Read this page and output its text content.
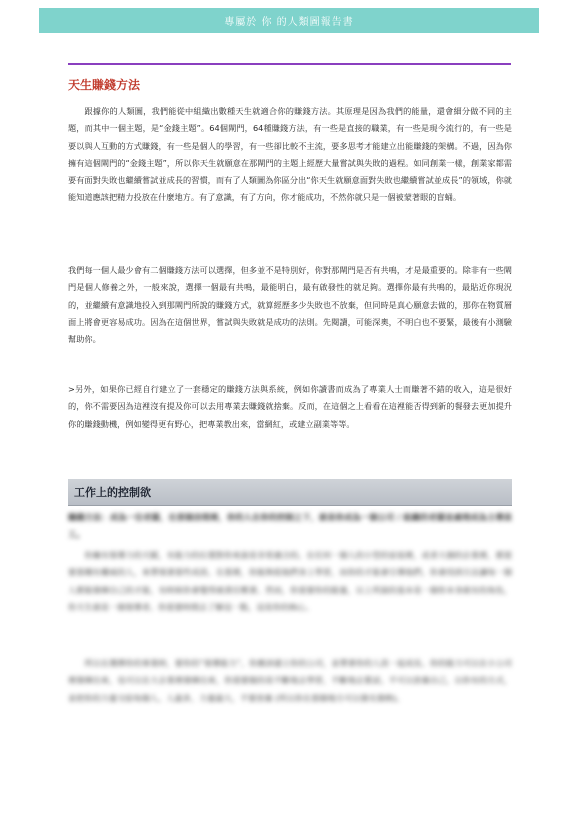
專屬於 你 的人類圖報告書
天生賺錢方法
跟據你的人類圖，我們能從中組織出數種天生就適合你的賺錢方法。其原理是因為我們的能量，還會細分做不同的主題，而其中一個主題，是“金錢主題”。64個閘門，64種賺錢方法，有一些是直接的職業，有一些是現今流行的，有一些是要以與人互動的方式賺錢，有一些是個人的學習，有一些卻比較不主流，要多思考才能建立出能賺錢的架構。不過，因為你擁有這個閘門的“金錢主題”，所以你天生就願意在那閘門的主題上經歷大量嘗試與失敗的過程。如同創業一樣，創業家都需要有面對失敗也繼續嘗試並成長的習慣，而有了人類圖為你區分出“你天生就願意面對失敗也繼續嘗試並成長”的領域，你就能知道應該把精力投放在什麼地方。有了意識，有了方向，你才能成功，不然你就只是一個被蒙著眼的盲蛹。
我們每一個人最少會有二個賺錢方法可以選擇，但多並不是特別好，你對那閘門是否有共鳴，才是最重要的。除非有一些閘門是個人修養之外，一般來說，選擇一個最有共鳴，最能明白，最有啟發性的就足夠。選擇你最有共鳴的，最貼近你現況的，並繼續有意識地投入到那閘門所說的賺錢方式，就算經歷多少失敗也不放棄，但同時是真心願意去做的，那你在物質層面上將會更容易成功。因為在這個世界，嘗試與失敗就是成功的法則。先閱讀，可能深奧，不明白也不要緊，最後有小測驗幫助你。
>另外，如果你已經自行建立了一套穩定的賺錢方法與系統，例如你讀書而成為了專業人士而賺著不錯的收入，這是很好的，你不需要因為這裡沒有提及你可以去用專業去賺錢就捨棄。反而，在這個之上看看在這裡能否得到新的餐發去更加提升你的賺錢動機，例如變得更有野心，把專業教出來，當網紅，或建立副業等等。
工作上的控制欲
賺錢方法：成為一位老闆，在那個房間裡，你的人在你的控制之下，就是你成為一個公司 / 組織的老闆並處理成為主導員工。
你擁有領導力的天賦，有能力的位置對你來說是非常適合的。在任何一個人的小型的家庭裡，或者大個的企業裡，都需要那種有權威的人，來帶領著那些成員。在那裡，你能夠從他們身上學習，而你的才能會引導他們。你會找到方法讓每一個人都能發揮自己的才能，有時候你會覺得被責任壓著。然而，你需要你的能量，以上所說的基本是一個你本身就有的角色，你天生就是一個領導者。你需要時間去了解這一點，這是你的核心。
所以在選擇你的事業時，要你的“領導能力”，你應該建立你的公司，並帶著你的人員一起成長。你的能力可以在小公司裡發揮出來，也可以在大企業裡發揮出來，你需要做的是不斷地去學習，不斷地去嘗試。不可以放棄自己，以你有的方式，並把你的力量交給每個人。人最多，力量最大，不要放棄 (所以你在那個地方可以發光發熱)。
